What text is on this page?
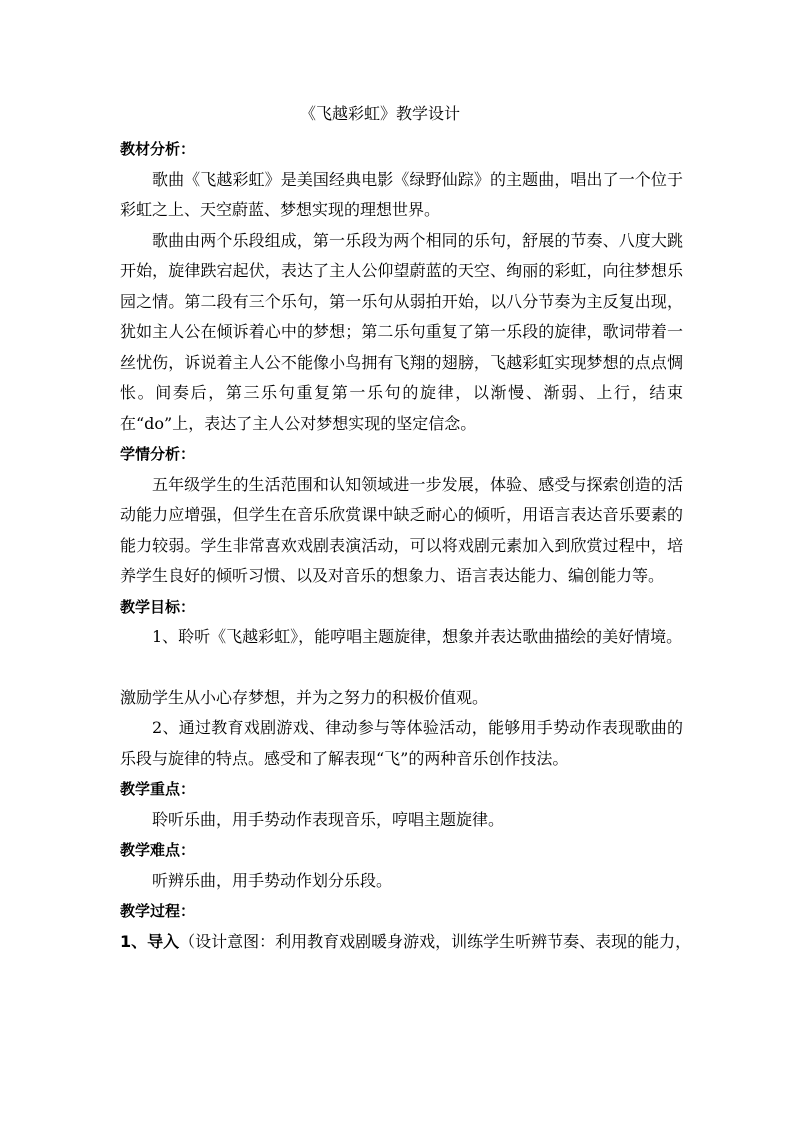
《飞越彩虹》教学设计

教材分析：

歌曲《飞越彩虹》是美国经典电影《绿野仙踪》的主题曲，唱出了一个位于彩虹之上、天空蔚蓝、梦想实现的理想世界。

歌曲由两个乐段组成，第一乐段为两个相同的乐句，舒展的节奏、八度大跳开始，旋律跌宕起伏，表达了主人公仰望蔚蓝的天空、绚丽的彩虹，向往梦想乐园之情。第二段有三个乐句，第一乐句从弱拍开始，以八分节奏为主反复出现，犹如主人公在倾诉着心中的梦想；第二乐句重复了第一乐段的旋律，歌词带着一丝忧伤，诉说着主人公不能像小鸟拥有飞翔的翅膀，飞越彩虹实现梦想的点点惆怅。间奏后，第三乐句重复第一乐句的旋律，以渐慢、渐弱、上行，结束在“do”上，表达了主人公对梦想实现的坚定信念。

学情分析：

五年级学生的生活范围和认知领域进一步发展，体验、感受与探索创造的活动能力应增强，但学生在音乐欣赏课中缺乏耐心的倾听，用语言表达音乐要素的能力较弱。学生非常喜欢戏剧表演活动，可以将戏剧元素加入到欣赏过程中，培养学生良好的倾听习惯、以及对音乐的想象力、语言表达能力、编创能力等。

教学目标：

1、聆听《飞越彩虹》，能哼唱主题旋律，想象并表达歌曲描绘的美好情境。

激励学生从小心存梦想，并为之努力的积极价值观。

2、通过教育戏剧游戏、律动参与等体验活动，能够用手势动作表现歌曲的乐段与旋律的特点。感受和了解表现“飞”的两种音乐创作技法。

教学重点：

聆听乐曲，用手势动作表现音乐，哼唱主题旋律。

教学难点：

听辨乐曲，用手势动作划分乐段。

教学过程：

1、导入（设计意图：利用教育戏剧暖身游戏，训练学生听辨节奏、表现的能力，
